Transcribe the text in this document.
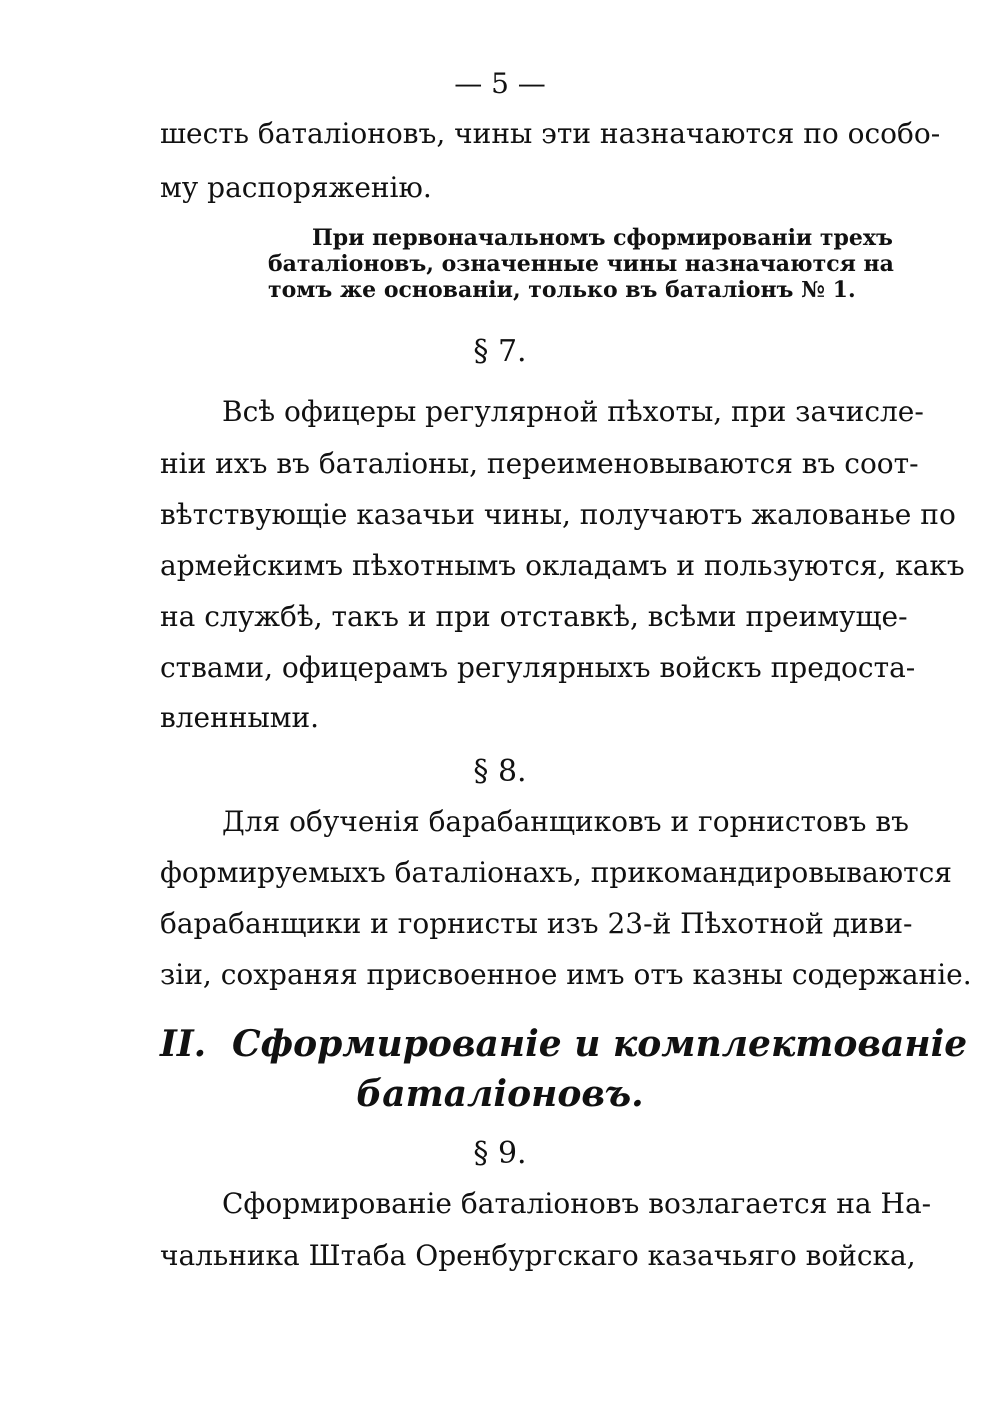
— 5 —
шесть баталіоновъ, чины эти назначаются по особо-
му распоряженію.
При первоначальномъ сформированіи трехъ
баталіоновъ, означенные чины назначаются на
томъ же основаніи, только въ баталіонъ № 1.
§ 7.
Всѣ офицеры регулярной пѣхоты, при зачисле-
ніи ихъ въ баталіоны, переименовываются въ соот-
вѣтствующіе казачьи чины, получаютъ жалованье по
армейскимъ пѣхотнымъ окладамъ и пользуются, какъ
на службѣ, такъ и при отставкѣ, всѣми преимуще-
ствами, офицерамъ регулярныхъ войскъ предоста-
вленными.
§ 8.
Для обученія барабанщиковъ и горнистовъ въ
формируемыхъ баталіонахъ, прикомандировываются
барабанщики и горнисты изъ 23-й Пѣхотной диви-
зіи, сохраняя присвоенное имъ отъ казны содержаніе.
II. Сформированіе и комплектованіе
баталіоновъ.
§ 9.
Сформированіе баталіоновъ возлагается на На-
чальника Штаба Оренбургскаго казачьяго войска,
